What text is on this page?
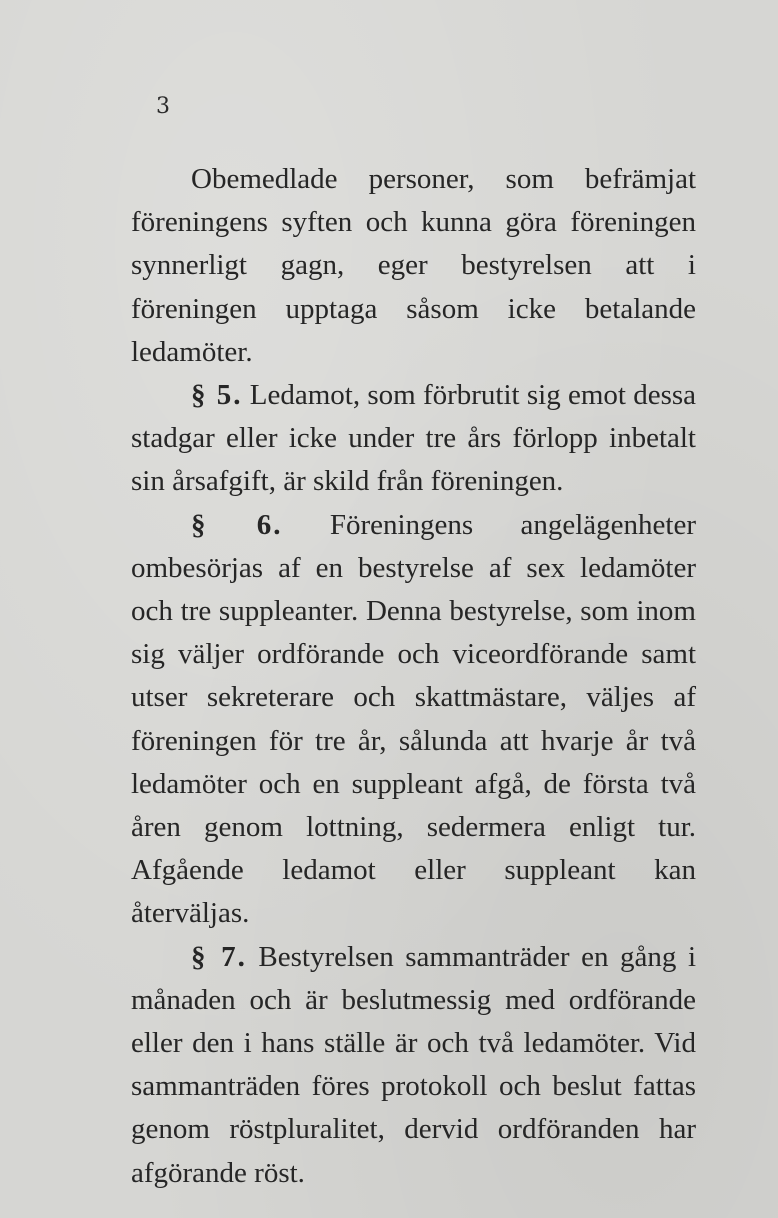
3

Obemedlade personer, som befrämjat föreningens syften och kunna göra föreningen synnerligt gagn, eger bestyrelsen att i föreningen upptaga såsom icke betalande ledamöter.

§ 5. Ledamot, som förbrutit sig emot dessa stadgar eller icke under tre års förlopp inbetalt sin årsafgift, är skild från föreningen.

§ 6. Föreningens angelägenheter ombesörjas af en bestyrelse af sex ledamöter och tre suppleanter. Denna bestyrelse, som inom sig väljer ordförande och viceordförande samt utser sekreterare och skattmästare, väljes af föreningen för tre år, sålunda att hvarje år två ledamöter och en suppleant afgå, de första två åren genom lottning, sedermera enligt tur. Afgående ledamot eller suppleant kan återväljas.

§ 7. Bestyrelsen sammanträder en gång i månaden och är beslutmessig med ordförande eller den i hans ställe är och två ledamöter. Vid sammanträden föres protokoll och beslut fattas genom röstpluralitet, dervid ordföranden har afgörande röst.
